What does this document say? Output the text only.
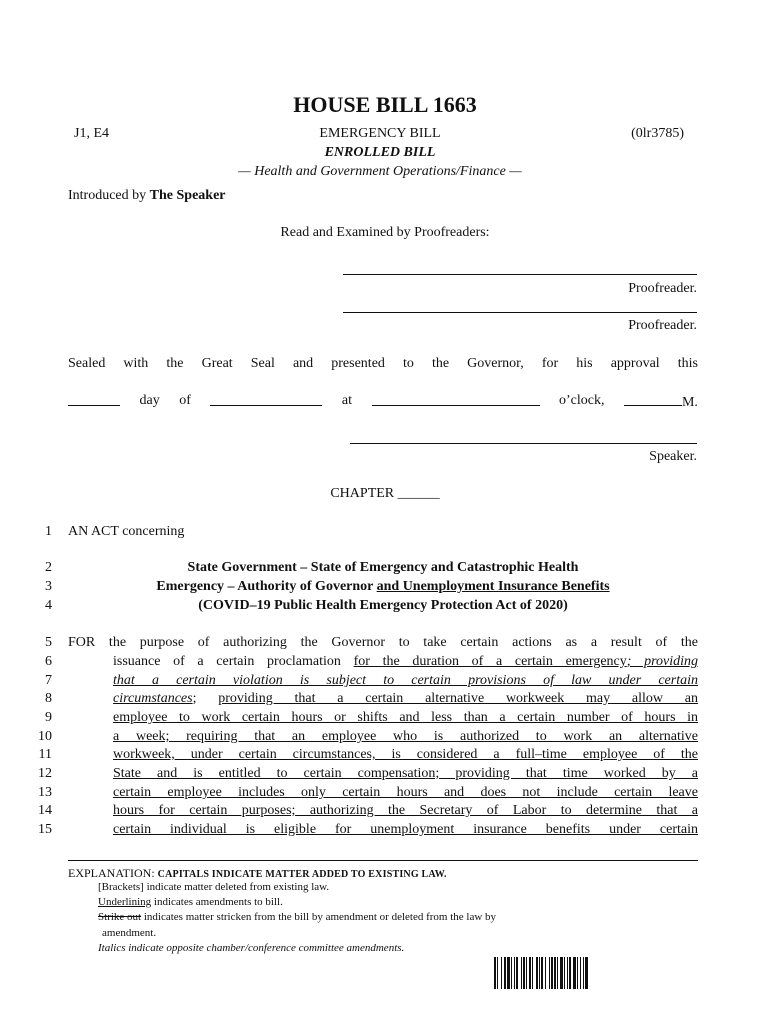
HOUSE BILL 1663
J1, E4	EMERGENCY BILL	(0lr3785)
ENROLLED BILL
— Health and Government Operations/Finance —
Introduced by The Speaker
Read and Examined by Proofreaders:
Proofreader.
Proofreader.
Sealed with the Great Seal and presented to the Governor, for his approval this
day of	at	o’clock,	M.
Speaker.
CHAPTER ______
1
2
3
4
5
6
7
8
9
10
11
12
13
14
15
AN ACT concerning
State Government – State of Emergency and Catastrophic Health
Emergency – Authority of Governor and Unemployment Insurance Benefits
(COVID–19 Public Health Emergency Protection Act of 2020)
FOR the purpose of authorizing the Governor to take certain actions as a result of the
issuance of a certain proclamation for the duration of a certain emergency; providing
that a certain violation is subject to certain provisions of law under certain
circumstances; providing that a certain alternative workweek may allow an
employee to work certain hours or shifts and less than a certain number of hours in
a week; requiring that an employee who is authorized to work an alternative
workweek, under certain circumstances, is considered a full–time employee of the
State and is entitled to certain compensation; providing that time worked by a
certain employee includes only certain hours and does not include certain leave
hours for certain purposes; authorizing the Secretary of Labor to determine that a
certain individual is eligible for unemployment insurance benefits under certain
EXPLANATION: CAPITALS INDICATE MATTER ADDED TO EXISTING LAW.
[Brackets] indicate matter deleted from existing law.
Underlining indicates amendments to bill.
Strike out indicates matter stricken from the bill by amendment or deleted from the law by
amendment.
Italics indicate opposite chamber/conference committee amendments.
